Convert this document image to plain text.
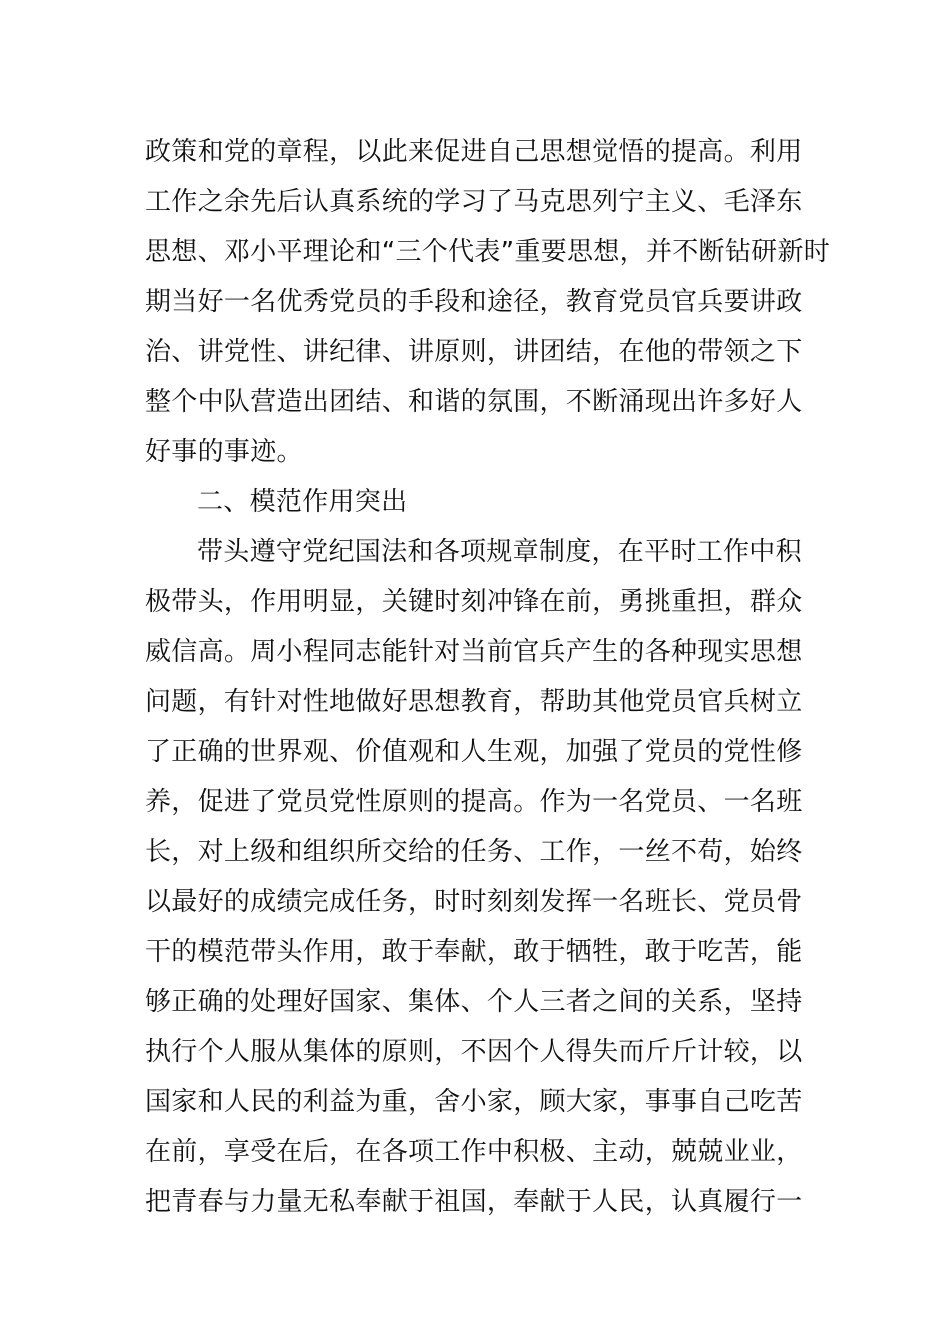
政策和党的章程，以此来促进自己思想觉悟的提高。利用
工作之余先后认真系统的学习了马克思列宁主义、毛泽东
思想、邓小平理论和“三个代表”重要思想，并不断钻研新时
期当好一名优秀党员的手段和途径，教育党员官兵要讲政
治、讲党性、讲纪律、讲原则，讲团结，在他的带领之下
整个中队营造出团结、和谐的氛围，不断涌现出许多好人
好事的事迹。
二、模范作用突出
带头遵守党纪国法和各项规章制度，在平时工作中积
极带头，作用明显，关键时刻冲锋在前，勇挑重担，群众
威信高。周小程同志能针对当前官兵产生的各种现实思想
问题，有针对性地做好思想教育，帮助其他党员官兵树立
了正确的世界观、价值观和人生观，加强了党员的党性修
养，促进了党员党性原则的提高。作为一名党员、一名班
长，对上级和组织所交给的任务、工作，一丝不苟，始终
以最好的成绩完成任务，时时刻刻发挥一名班长、党员骨
干的模范带头作用，敢于奉献，敢于牺牲，敢于吃苦，能
够正确的处理好国家、集体、个人三者之间的关系，坚持
执行个人服从集体的原则，不因个人得失而斤斤计较，以
国家和人民的利益为重，舍小家，顾大家，事事自己吃苦
在前，享受在后，在各项工作中积极、主动，兢兢业业，
把青春与力量无私奉献于祖国，奉献于人民，认真履行一
